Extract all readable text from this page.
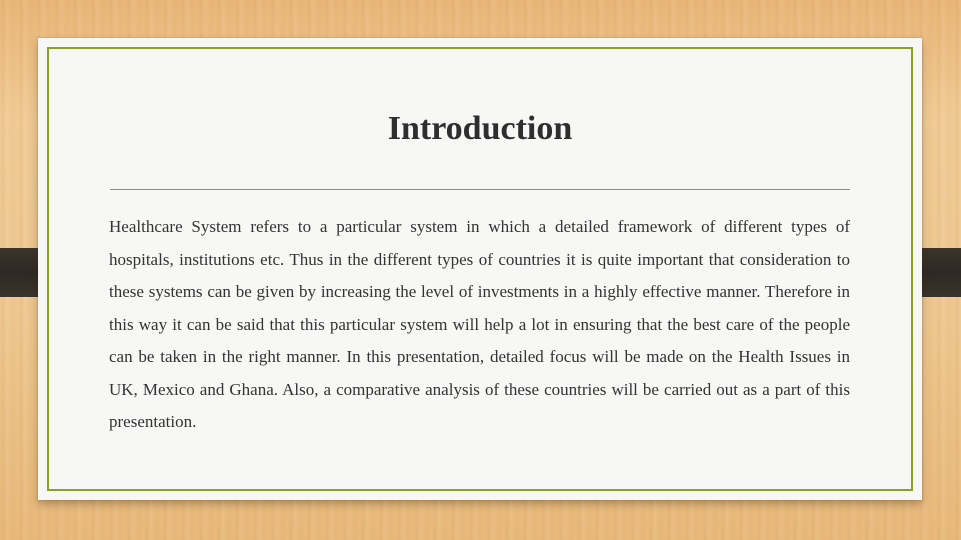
Introduction

Healthcare System refers to a particular system in which a detailed framework of different types of hospitals, institutions etc. Thus in the different types of countries it is quite important that consideration to these systems can be given by increasing the level of investments in a highly effective manner. Therefore in this way it can be said that this particular system will help a lot in ensuring that the best care of the people can be taken in the right manner. In this presentation, detailed focus will be made on the Health Issues in UK, Mexico and Ghana. Also, a comparative analysis of these countries will be carried out as a part of this presentation.
